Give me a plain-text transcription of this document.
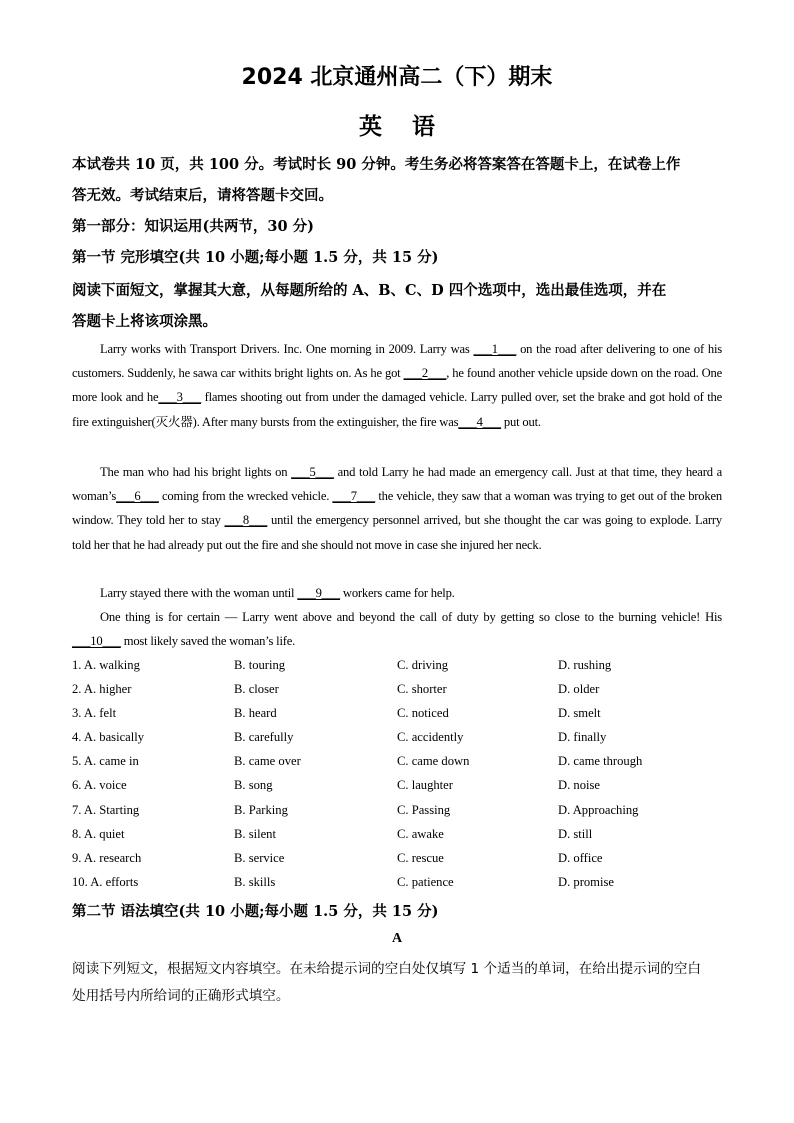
2024 北京通州高二（下）期末
英语
本试卷共 10 页，共 100 分。考试时长 90 分钟。考生务必将答案答在答题卡上，在试卷上作
答无效。考试结束后，请将答题卡交回。
第一部分：知识运用(共两节，30 分)
第一节 完形填空(共 10 小题;每小题 1.5 分，共 15 分)
阅读下面短文，掌握其大意，从每题所给的 A、B、C、D 四个选项中，选出最佳选项，并在
答题卡上将该项涂黑。
Larry works with Transport Drivers. Inc. One morning in 2009. Larry was ___1___ on the road after delivering to one of his customers. Suddenly, he sawa car withits bright lights on. As he got ___2___, he found another vehicle upside down on the road. One more look and he___3___ flames shooting out from under the damaged vehicle. Larry pulled over, set the brake and got hold of the fire extinguisher(灭火器). After many bursts from the extinguisher, the fire was___4___ put out.
The man who had his bright lights on ___5___ and told Larry he had made an emergency call. Just at that time, they heard a woman’s___6___ coming from the wrecked vehicle. ___7___ the vehicle, they saw that a woman was trying to get out of the broken window. They told her to stay ___8___ until the emergency personnel arrived, but she thought the car was going to explode. Larry told her that he had already put out the fire and she should not move in case she injured her neck.
Larry stayed there with the woman until ___9___ workers came for help.
One thing is for certain — Larry went above and beyond the call of duty by getting so close to the burning vehicle! His ___10___ most likely saved the woman’s life.
1. A. walking	B. touring	C. driving	D. rushing
2. A. higher	B. closer	C. shorter	D. older
3. A. felt	B. heard	C. noticed	D. smelt
4. A. basically	B. carefully	C. accidently	D. finally
5. A. came in	B. came over	C. came down	D. came through
6. A. voice	B. song	C. laughter	D. noise
7. A. Starting	B. Parking	C. Passing	D. Approaching
8. A. quiet	B. silent	C. awake	D. still
9. A. research	B. service	C. rescue	D. office
10. A. efforts	B. skills	C. patience	D. promise
第二节 语法填空(共 10 小题;每小题 1.5 分，共 15 分)
A
阅读下列短文，根据短文内容填空。在未给提示词的空白处仅填写 1 个适当的单词，在给出提示词的空白
处用括号内所给词的正确形式填空。
